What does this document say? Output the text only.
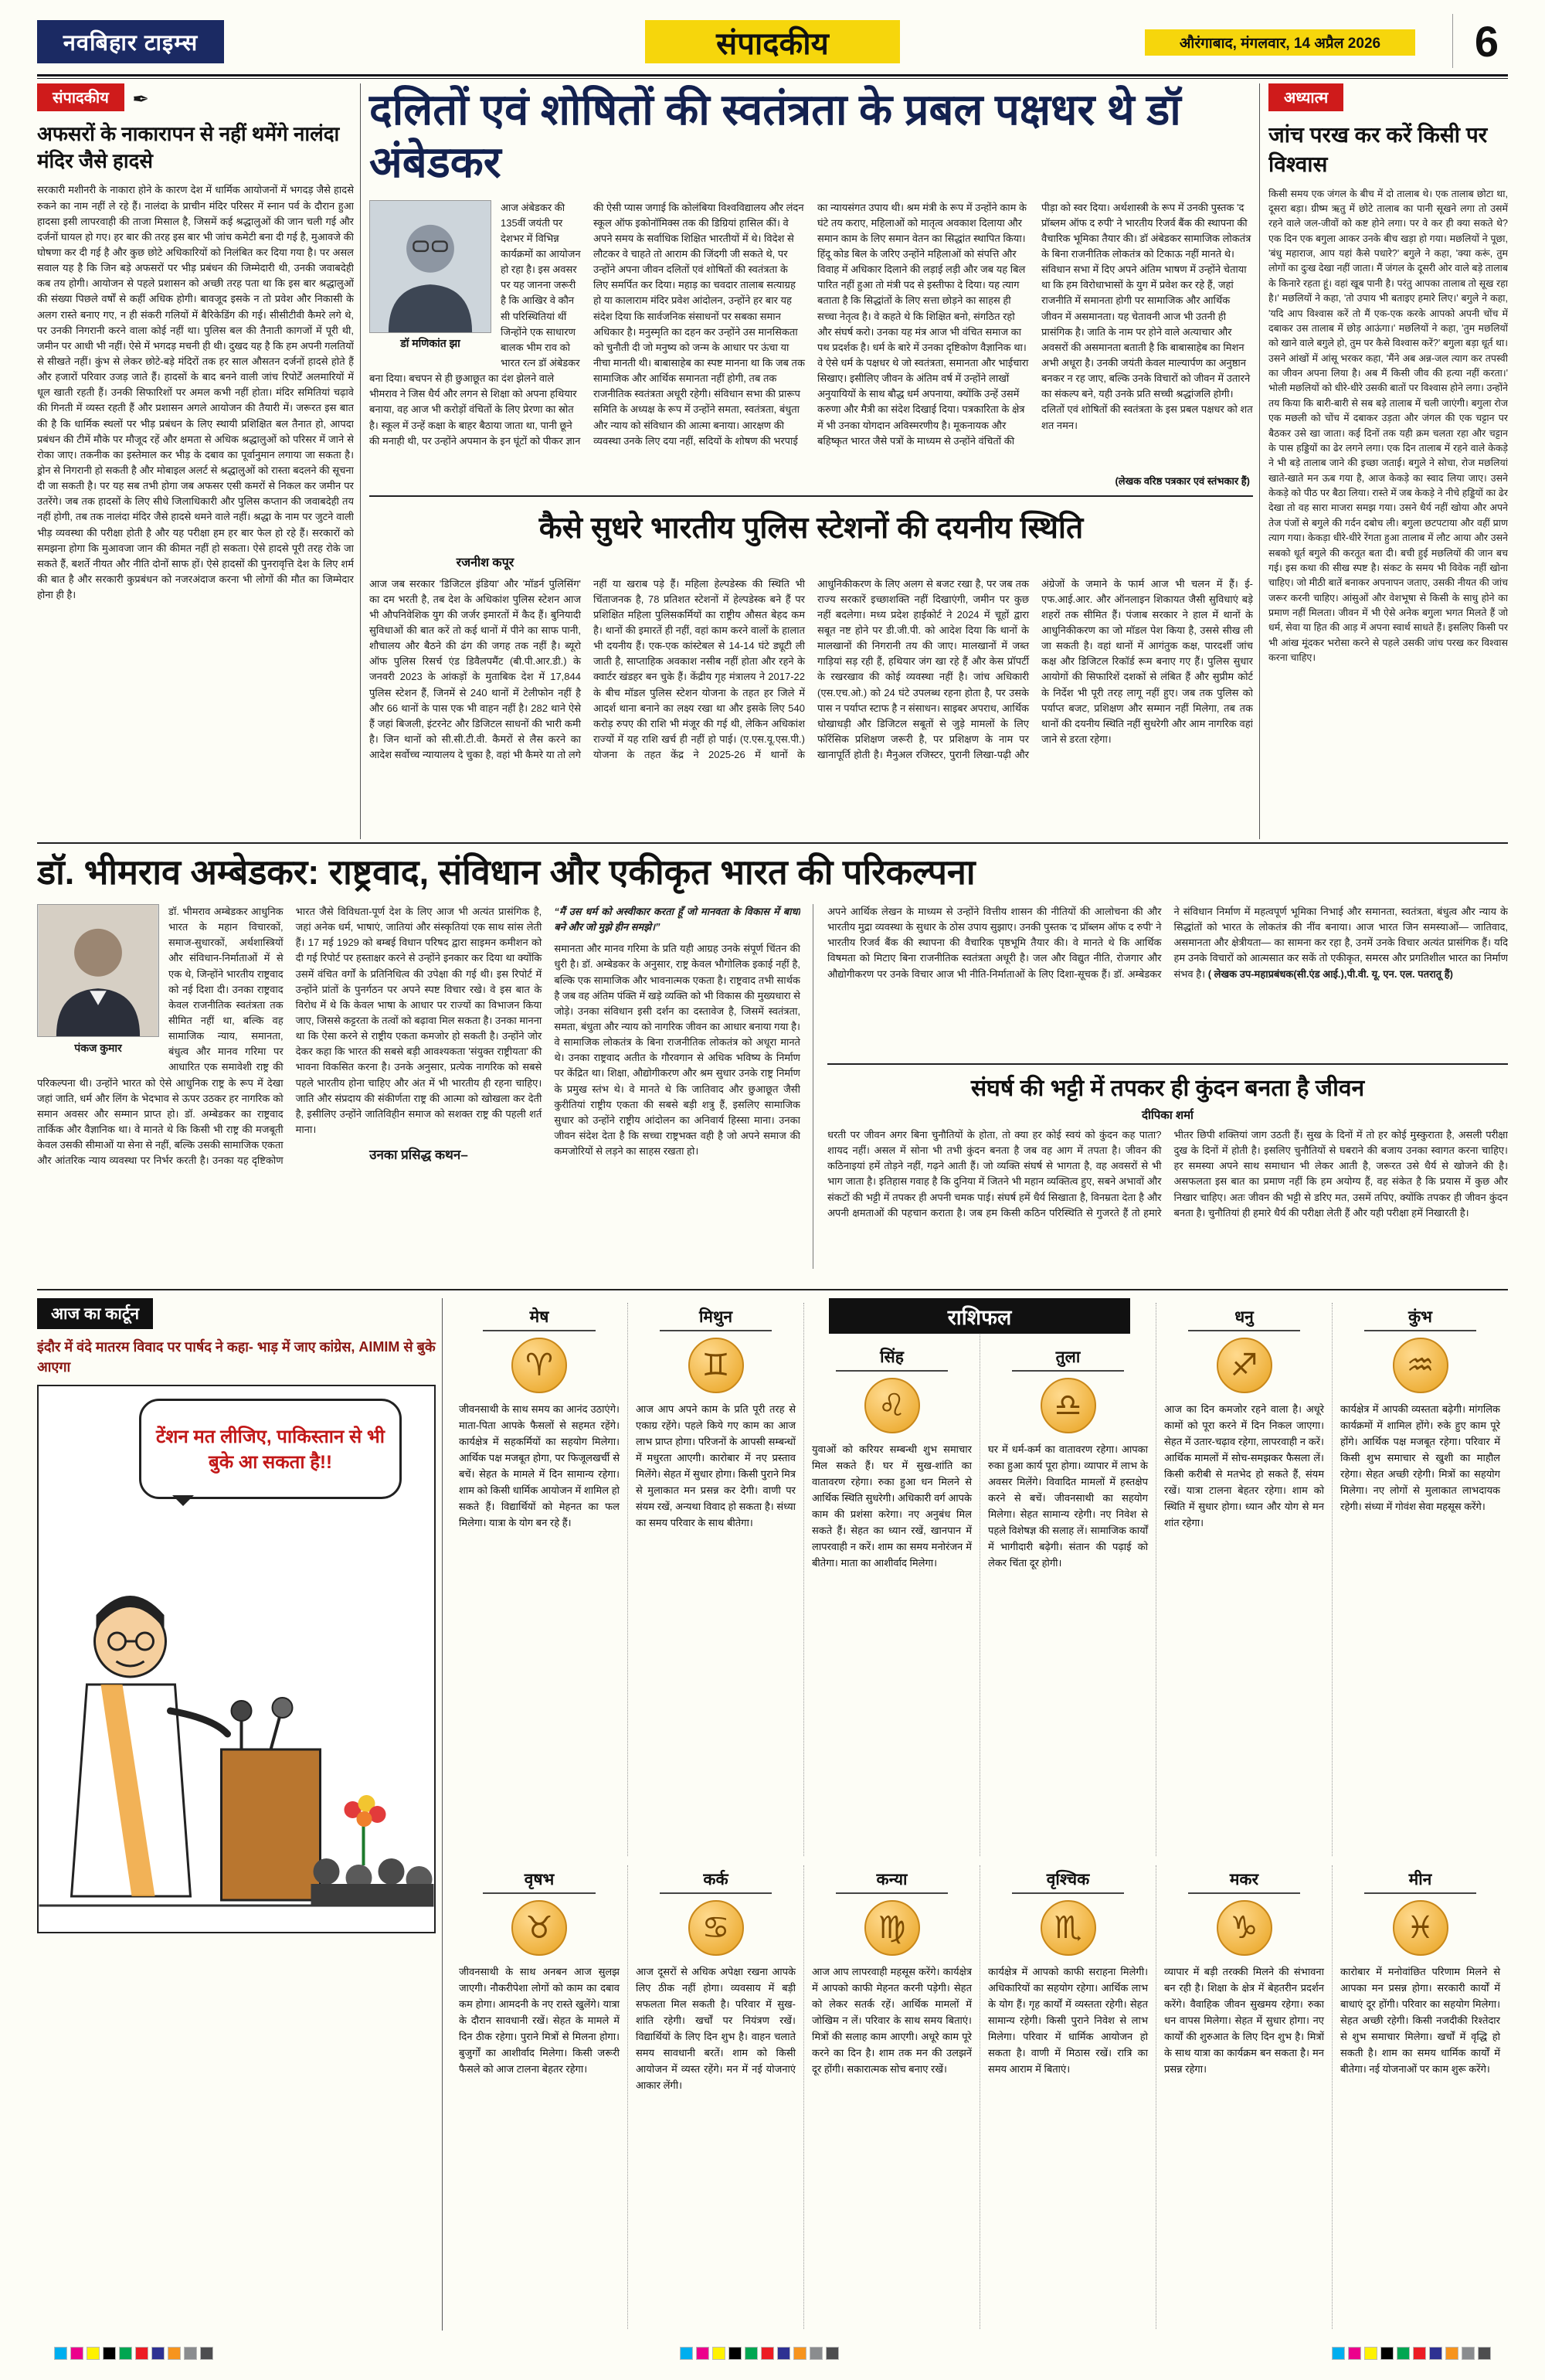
नवबिहार टाइम्स	संपादकीय	औरंगाबाद, मंगलवार, 14 अप्रैल 2026	6
संपादकीय ✒
अफसरों के नाकारापन से नहीं थमेंगे नालंदा मंदिर जैसे हादसे
सरकारी मशीनरी के नाकारा होने के कारण देश में धार्मिक आयोजनों में भगदड़ जैसे हादसे रुकने का नाम नहीं ले रहे हैं। नालंदा के प्राचीन मंदिर परिसर में स्नान पर्व के दौरान हुआ हादसा इसी लापरवाही की ताजा मिसाल है, जिसमें कई श्रद्धालुओं की जान चली गई और दर्जनों घायल हो गए। हर बार की तरह इस बार भी जांच कमेटी बना दी गई है, मुआवजे की घोषणा कर दी गई है और कुछ छोटे अधिकारियों को निलंबित कर दिया गया है। पर असल सवाल यह है कि जिन बड़े अफसरों पर भीड़ प्रबंधन की जिम्मेदारी थी, उनकी जवाबदेही कब तय होगी। आयोजन से पहले प्रशासन को अच्छी तरह पता था कि इस बार श्रद्धालुओं की संख्या पिछले वर्षों से कहीं अधिक होगी। बावजूद इसके न तो प्रवेश और निकासी के अलग रास्ते बनाए गए, न ही संकरी गलियों में बैरिकेडिंग की गई। सीसीटीवी कैमरे लगे थे, पर उनकी निगरानी करने वाला कोई नहीं था। पुलिस बल की तैनाती कागजों में पूरी थी, जमीन पर आधी भी नहीं। ऐसे में भगदड़ मचनी ही थी। दुखद यह है कि हम अपनी गलतियों से सीखते नहीं। कुंभ से लेकर छोटे-बड़े मंदिरों तक हर साल औसतन दर्जनों हादसे होते हैं और हजारों परिवार उजड़ जाते हैं। हादसों के बाद बनने वाली जांच रिपोर्टें अलमारियों में धूल खाती रहती हैं। उनकी सिफारिशों पर अमल कभी नहीं होता। मंदिर समितियां चढ़ावे की गिनती में व्यस्त रहती हैं और प्रशासन अगले आयोजन की तैयारी में। जरूरत इस बात की है कि धार्मिक स्थलों पर भीड़ प्रबंधन के लिए स्थायी प्रशिक्षित बल तैनात हो, आपदा प्रबंधन की टीमें मौके पर मौजूद रहें और क्षमता से अधिक श्रद्धालुओं को परिसर में जाने से रोका जाए। तकनीक का इस्तेमाल कर भीड़ के दबाव का पूर्वानुमान लगाया जा सकता है। ड्रोन से निगरानी हो सकती है और मोबाइल अलर्ट से श्रद्धालुओं को रास्ता बदलने की सूचना दी जा सकती है। पर यह सब तभी होगा जब अफसर एसी कमरों से निकल कर जमीन पर उतरेंगे। जब तक हादसों के लिए सीधे जिलाधिकारी और पुलिस कप्तान की जवाबदेही तय नहीं होगी, तब तक नालंदा मंदिर जैसे हादसे थमने वाले नहीं। श्रद्धा के नाम पर जुटने वाली भीड़ व्यवस्था की परीक्षा होती है और यह परीक्षा हम हर बार फेल हो रहे हैं। सरकारों को समझना होगा कि मुआवजा जान की कीमत नहीं हो सकता। ऐसे हादसे पूरी तरह रोके जा सकते हैं, बशर्ते नीयत और नीति दोनों साफ हों। ऐसे हादसों की पुनरावृत्ति देश के लिए शर्म की बात है और सरकारी कुप्रबंधन को नजरअंदाज करना भी लोगों की मौत का जिम्मेदार होना ही है।
दलितों एवं शोषितों की स्वतंत्रता के प्रबल पक्षधर थे डॉ अंबेडकर
डॉ मणिकांत झा
आज अंबेडकर की 135वीं जयंती पर देशभर में विभिन्न कार्यक्रमों का आयोजन हो रहा है। इस अवसर पर यह जानना जरूरी है कि आखिर वे कौन सी परिस्थितियां थीं जिन्होंने एक साधारण बालक भीम राव को भारत रत्न डॉ अंबेडकर बना दिया। बचपन से ही छुआछूत का दंश झेलने वाले भीमराव ने जिस धैर्य और लगन से शिक्षा को अपना हथियार बनाया, वह आज भी करोड़ों वंचितों के लिए प्रेरणा का स्रोत है। स्कूल में उन्हें कक्षा के बाहर बैठाया जाता था, पानी छूने की मनाही थी, पर उन्होंने अपमान के इन घूंटों को पीकर ज्ञान की ऐसी प्यास जगाई कि कोलंबिया विश्वविद्यालय और लंदन स्कूल ऑफ इकोनॉमिक्स तक की डिग्रियां हासिल कीं। वे अपने समय के सर्वाधिक शिक्षित भारतीयों में थे। विदेश से लौटकर वे चाहते तो आराम की जिंदगी जी सकते थे, पर उन्होंने अपना जीवन दलितों एवं शोषितों की स्वतंत्रता के लिए समर्पित कर दिया। महाड़ का चवदार तालाब सत्याग्रह हो या कालाराम मंदिर प्रवेश आंदोलन, उन्होंने हर बार यह संदेश दिया कि सार्वजनिक संसाधनों पर सबका समान अधिकार है। मनुस्मृति का दहन कर उन्होंने उस मानसिकता को चुनौती दी जो मनुष्य को जन्म के आधार पर ऊंचा या नीचा मानती थी। बाबासाहेब का स्पष्ट मानना था कि जब तक सामाजिक और आर्थिक समानता नहीं होगी, तब तक राजनीतिक स्वतंत्रता अधूरी रहेगी। संविधान सभा की प्रारूप समिति के अध्यक्ष के रूप में उन्होंने समता, स्वतंत्रता, बंधुता और न्याय को संविधान की आत्मा बनाया। आरक्षण की व्यवस्था उनके लिए दया नहीं, सदियों के शोषण की भरपाई का न्यायसंगत उपाय थी। श्रम मंत्री के रूप में उन्होंने काम के घंटे तय कराए, महिलाओं को मातृत्व अवकाश दिलाया और समान काम के लिए समान वेतन का सिद्धांत स्थापित किया। हिंदू कोड बिल के जरिए उन्होंने महिलाओं को संपत्ति और विवाह में अधिकार दिलाने की लड़ाई लड़ी और जब यह बिल पारित नहीं हुआ तो मंत्री पद से इस्तीफा दे दिया। यह त्याग बताता है कि सिद्धांतों के लिए सत्ता छोड़ने का साहस ही सच्चा नेतृत्व है। वे कहते थे कि शिक्षित बनो, संगठित रहो और संघर्ष करो। उनका यह मंत्र आज भी वंचित समाज का पथ प्रदर्शक है। धर्म के बारे में उनका दृष्टिकोण वैज्ञानिक था। वे ऐसे धर्म के पक्षधर थे जो स्वतंत्रता, समानता और भाईचारा सिखाए। इसीलिए जीवन के अंतिम वर्ष में उन्होंने लाखों अनुयायियों के साथ बौद्ध धर्म अपनाया, क्योंकि उन्हें उसमें करुणा और मैत्री का संदेश दिखाई दिया। पत्रकारिता के क्षेत्र में भी उनका योगदान अविस्मरणीय है। मूकनायक और बहिष्कृत भारत जैसे पत्रों के माध्यम से उन्होंने वंचितों की पीड़ा को स्वर दिया। अर्थशास्त्री के रूप में उनकी पुस्तक 'द प्रॉब्लम ऑफ द रुपी' ने भारतीय रिजर्व बैंक की स्थापना की वैचारिक भूमिका तैयार की। डॉ अंबेडकर सामाजिक लोकतंत्र के बिना राजनीतिक लोकतंत्र को टिकाऊ नहीं मानते थे। संविधान सभा में दिए अपने अंतिम भाषण में उन्होंने चेताया था कि हम विरोधाभासों के युग में प्रवेश कर रहे हैं, जहां राजनीति में समानता होगी पर सामाजिक और आर्थिक जीवन में असमानता। यह चेतावनी आज भी उतनी ही प्रासंगिक है। जाति के नाम पर होने वाले अत्याचार और अवसरों की असमानता बताती है कि बाबासाहेब का मिशन अभी अधूरा है। उनकी जयंती केवल माल्यार्पण का अनुष्ठान बनकर न रह जाए, बल्कि उनके विचारों को जीवन में उतारने का संकल्प बने, यही उनके प्रति सच्ची श्रद्धांजलि होगी। दलितों एवं शोषितों की स्वतंत्रता के इस प्रबल पक्षधर को शत शत नमन।
(लेखक वरिष्ठ पत्रकार एवं स्तंभकार हैं)
कैसे सुधरे भारतीय पुलिस स्टेशनों की दयनीय स्थिति
रजनीश कपूर
आज जब सरकार 'डिजिटल इंडिया' और 'मॉडर्न पुलिसिंग' का दम भरती है, तब देश के अधिकांश पुलिस स्टेशन आज भी औपनिवेशिक युग की जर्जर इमारतों में कैद हैं। बुनियादी सुविधाओं की बात करें तो कई थानों में पीने का साफ पानी, शौचालय और बैठने की ढंग की जगह तक नहीं है। ब्यूरो ऑफ पुलिस रिसर्च एंड डिवैलपमैंट (बी.पी.आर.डी.) के जनवरी 2023 के आंकड़ों के मुताबिक देश में 17,844 पुलिस स्टेशन हैं, जिनमें से 240 थानों में टेलीफोन नहीं है और 66 थानों के पास एक भी वाहन नहीं है। 282 थाने ऐसे हैं जहां बिजली, इंटरनेट और डिजिटल साधनों की भारी कमी है। जिन थानों को सी.सी.टी.वी. कैमरों से लैस करने का आदेश सर्वोच्च न्यायालय दे चुका है, वहां भी कैमरे या तो लगे नहीं या खराब पड़े हैं। महिला हेल्पडेस्क की स्थिति भी चिंताजनक है, 78 प्रतिशत स्टेशनों में हेल्पडेस्क बने हैं पर प्रशिक्षित महिला पुलिसकर्मियों का राष्ट्रीय औसत बेहद कम है। थानों की इमारतें ही नहीं, वहां काम करने वालों के हालात भी दयनीय हैं। एक-एक कांस्टेबल से 14-14 घंटे ड्यूटी ली जाती है, साप्ताहिक अवकाश नसीब नहीं होता और रहने के क्वार्टर खंडहर बन चुके हैं। केंद्रीय गृह मंत्रालय ने 2017-22 के बीच मॉडल पुलिस स्टेशन योजना के तहत हर जिले में आदर्श थाना बनाने का लक्ष्य रखा था और इसके लिए 540 करोड़ रुपए की राशि भी मंजूर की गई थी, लेकिन अधिकांश राज्यों में यह राशि खर्च ही नहीं हो पाई। (ए.एस.यू.एस.पी.) योजना के तहत केंद्र ने 2025-26 में थानों के आधुनिकीकरण के लिए अलग से बजट रखा है, पर जब तक राज्य सरकारें इच्छाशक्ति नहीं दिखाएंगी, जमीन पर कुछ नहीं बदलेगा। मध्य प्रदेश हाईकोर्ट ने 2024 में चूहों द्वारा सबूत नष्ट होने पर डी.जी.पी. को आदेश दिया कि थानों के मालखानों की निगरानी तय की जाए। मालखानों में जब्त गाड़ियां सड़ रही हैं, हथियार जंग खा रहे हैं और केस प्रॉपर्टी के रखरखाव की कोई व्यवस्था नहीं है। जांच अधिकारी (एस.एच.ओ.) को 24 घंटे उपलब्ध रहना होता है, पर उसके पास न पर्याप्त स्टाफ है न संसाधन। साइबर अपराध, आर्थिक धोखाधड़ी और डिजिटल सबूतों से जुड़े मामलों के लिए फॉरेंसिक प्रशिक्षण जरूरी है, पर प्रशिक्षण के नाम पर खानापूर्ति होती है। मैनुअल रजिस्टर, पुरानी लिखा-पढ़ी और अंग्रेजों के जमाने के फार्म आज भी चलन में हैं। ई-एफ.आई.आर. और ऑनलाइन शिकायत जैसी सुविधाएं बड़े शहरों तक सीमित हैं। पंजाब सरकार ने हाल में थानों के आधुनिकीकरण का जो मॉडल पेश किया है, उससे सीख ली जा सकती है। वहां थानों में आगंतुक कक्ष, पारदर्शी जांच कक्ष और डिजिटल रिकॉर्ड रूम बनाए गए हैं। पुलिस सुधार आयोगों की सिफारिशें दशकों से लंबित हैं और सुप्रीम कोर्ट के निर्देश भी पूरी तरह लागू नहीं हुए। जब तक पुलिस को पर्याप्त बजट, प्रशिक्षण और सम्मान नहीं मिलेगा, तब तक थानों की दयनीय स्थिति नहीं सुधरेगी और आम नागरिक वहां जाने से डरता रहेगा।
अध्यात्म
जांच परख कर करें किसी पर विश्वास
किसी समय एक जंगल के बीच में दो तालाब थे। एक तालाब छोटा था, दूसरा बड़ा। ग्रीष्म ऋतु में छोटे तालाब का पानी सूखने लगा तो उसमें रहने वाले जल-जीवों को कष्ट होने लगा। पर वे कर ही क्या सकते थे? एक दिन एक बगुला आकर उनके बीच खड़ा हो गया। मछलियों ने पूछा, 'बंधु महाराज, आप यहां कैसे पधारे?' बगुले ने कहा, 'क्या करूं, तुम लोगों का दुःख देखा नहीं जाता। मैं जंगल के दूसरी ओर वाले बड़े तालाब के किनारे रहता हूं। वहां खूब पानी है। परंतु आपका तालाब तो सूख रहा है।' मछलियों ने कहा, 'तो उपाय भी बताइए हमारे लिए।' बगुले ने कहा, 'यदि आप विश्वास करें तो मैं एक-एक करके आपको अपनी चोंच में दबाकर उस तालाब में छोड़ आऊंगा।' मछलियों ने कहा, 'तुम मछलियों को खाने वाले बगुले हो, तुम पर कैसे विश्वास करें?' बगुला बड़ा धूर्त था। उसने आंखों में आंसू भरकर कहा, 'मैंने अब अन्न-जल त्याग कर तपस्वी का जीवन अपना लिया है। अब मैं किसी जीव की हत्या नहीं करता।' भोली मछलियों को धीरे-धीरे उसकी बातों पर विश्वास होने लगा। उन्होंने तय किया कि बारी-बारी से सब बड़े तालाब में चली जाएंगी। बगुला रोज एक मछली को चोंच में दबाकर उड़ता और जंगल की एक चट्टान पर बैठकर उसे खा जाता। कई दिनों तक यही क्रम चलता रहा और चट्टान के पास हड्डियों का ढेर लगने लगा। एक दिन तालाब में रहने वाले केकड़े ने भी बड़े तालाब जाने की इच्छा जताई। बगुले ने सोचा, रोज मछलियां खाते-खाते मन ऊब गया है, आज केकड़े का स्वाद लिया जाए। उसने केकड़े को पीठ पर बैठा लिया। रास्ते में जब केकड़े ने नीचे हड्डियों का ढेर देखा तो वह सारा माजरा समझ गया। उसने धैर्य नहीं खोया और अपने तेज पंजों से बगुले की गर्दन दबोच ली। बगुला छटपटाया और वहीं प्राण त्याग गया। केकड़ा धीरे-धीरे रेंगता हुआ तालाब में लौट आया और उसने सबको धूर्त बगुले की करतूत बता दी। बची हुई मछलियों की जान बच गई। इस कथा की सीख स्पष्ट है। संकट के समय भी विवेक नहीं खोना चाहिए। जो मीठी बातें बनाकर अपनापन जताए, उसकी नीयत की जांच जरूर करनी चाहिए। आंसुओं और वेशभूषा से किसी के साधु होने का प्रमाण नहीं मिलता। जीवन में भी ऐसे अनेक बगुला भगत मिलते हैं जो धर्म, सेवा या हित की आड़ में अपना स्वार्थ साधते हैं। इसलिए किसी पर भी आंख मूंदकर भरोसा करने से पहले उसकी जांच परख कर विश्वास करना चाहिए।
डॉ. भीमराव अम्बेडकर: राष्ट्रवाद, संविधान और एकीकृत भारत की परिकल्पना
पंकज कुमार
डॉ. भीमराव अम्बेडकर आधुनिक भारत के महान विचारकों, समाज-सुधारकों, अर्थशास्त्रियों और संविधान-निर्माताओं में से एक थे, जिन्होंने भारतीय राष्ट्रवाद को नई दिशा दी। उनका राष्ट्रवाद केवल राजनीतिक स्वतंत्रता तक सीमित नहीं था, बल्कि वह सामाजिक न्याय, समानता, बंधुत्व और मानव गरिमा पर आधारित एक समावेशी राष्ट्र की परिकल्पना थी। उन्होंने भारत को ऐसे आधुनिक राष्ट्र के रूप में देखा जहां जाति, धर्म और लिंग के भेदभाव से ऊपर उठकर हर नागरिक को समान अवसर और सम्मान प्राप्त हो। डॉ. अम्बेडकर का राष्ट्रवाद तार्किक और वैज्ञानिक था। वे मानते थे कि किसी भी राष्ट्र की मजबूती केवल उसकी सीमाओं या सेना से नहीं, बल्कि उसकी सामाजिक एकता और आंतरिक न्याय व्यवस्था पर निर्भर करती है। उनका यह दृष्टिकोण भारत जैसे विविधता-पूर्ण देश के लिए आज भी अत्यंत प्रासंगिक है, जहां अनेक धर्म, भाषाएं, जातियां और संस्कृतियां एक साथ सांस लेती हैं। 17 मई 1929 को बम्बई विधान परिषद द्वारा साइमन कमीशन को दी गई रिपोर्ट पर हस्ताक्षर करने से उन्होंने इनकार कर दिया था क्योंकि उसमें वंचित वर्गों के प्रतिनिधित्व की उपेक्षा की गई थी। इस रिपोर्ट में उन्होंने प्रांतों के पुनर्गठन पर अपने स्पष्ट विचार रखे। वे इस बात के विरोध में थे कि केवल भाषा के आधार पर राज्यों का विभाजन किया जाए, जिससे कट्टरता के तत्वों को बढ़ावा मिल सकता है। उनका मानना था कि ऐसा करने से राष्ट्रीय एकता कमजोर हो सकती है। उन्होंने जोर देकर कहा कि भारत की सबसे बड़ी आवश्यकता 'संयुक्त राष्ट्रीयता' की भावना विकसित करना है। उनके अनुसार, प्रत्येक नागरिक को सबसे पहले भारतीय होना चाहिए और अंत में भी भारतीय ही रहना चाहिए। जाति और संप्रदाय की संकीर्णता राष्ट्र की आत्मा को खोखला कर देती है, इसीलिए उन्होंने जातिविहीन समाज को सशक्त राष्ट्र की पहली शर्त माना।
उनका प्रसिद्ध कथन–
“मैं उस धर्म को अस्वीकार करता हूँ जो मानवता के विकास में बाधा बने और जो मुझे हीन समझे।”
समानता और मानव गरिमा के प्रति यही आग्रह उनके संपूर्ण चिंतन की धुरी है। डॉ. अम्बेडकर के अनुसार, राष्ट्र केवल भौगोलिक इकाई नहीं है, बल्कि एक सामाजिक और भावनात्मक एकता है। राष्ट्रवाद तभी सार्थक है जब वह अंतिम पंक्ति में खड़े व्यक्ति को भी विकास की मुख्यधारा से जोड़े। उनका संविधान इसी दर्शन का दस्तावेज है, जिसमें स्वतंत्रता, समता, बंधुता और न्याय को नागरिक जीवन का आधार बनाया गया है। वे सामाजिक लोकतंत्र के बिना राजनीतिक लोकतंत्र को अधूरा मानते थे। उनका राष्ट्रवाद अतीत के गौरवगान से अधिक भविष्य के निर्माण पर केंद्रित था। शिक्षा, औद्योगीकरण और श्रम सुधार उनके राष्ट्र निर्माण के प्रमुख स्तंभ थे। वे मानते थे कि जातिवाद और छुआछूत जैसी कुरीतियां राष्ट्रीय एकता की सबसे बड़ी शत्रु हैं, इसलिए सामाजिक सुधार को उन्होंने राष्ट्रीय आंदोलन का अनिवार्य हिस्सा माना। उनका जीवन संदेश देता है कि सच्चा राष्ट्रभक्त वही है जो अपने समाज की कमजोरियों से लड़ने का साहस रखता हो।
अपने आर्थिक लेखन के माध्यम से उन्होंने वित्तीय शासन की नीतियों की आलोचना की और भारतीय मुद्रा व्यवस्था के सुधार के ठोस उपाय सुझाए। उनकी पुस्तक 'द प्रॉब्लम ऑफ द रुपी' ने भारतीय रिजर्व बैंक की स्थापना की वैचारिक पृष्ठभूमि तैयार की। वे मानते थे कि आर्थिक विषमता को मिटाए बिना राजनीतिक स्वतंत्रता अधूरी है। जल और विद्युत नीति, रोजगार और औद्योगीकरण पर उनके विचार आज भी नीति-निर्माताओं के लिए दिशा-सूचक हैं। डॉ. अम्बेडकर ने संविधान निर्माण में महत्वपूर्ण भूमिका निभाई और समानता, स्वतंत्रता, बंधुत्व और न्याय के सिद्धांतों को भारत के लोकतंत्र की नींव बनाया। आज भारत जिन समस्याओं— जातिवाद, असमानता और क्षेत्रीयता— का सामना कर रहा है, उनमें उनके विचार अत्यंत प्रासंगिक हैं। यदि हम उनके विचारों को आत्मसात कर सकें तो एकीकृत, समरस और प्रगतिशील भारत का निर्माण संभव है। ( लेखक उप-महाप्रबंधक(सी.एंड आई.),पी.वी. यू. एन. एल. पतरातू हैं)
संघर्ष की भट्टी में तपकर ही कुंदन बनता है जीवन
दीपिका शर्मा
धरती पर जीवन अगर बिना चुनौतियों के होता, तो क्या हर कोई स्वयं को कुंदन कह पाता? शायद नहीं। असल में सोना भी तभी कुंदन बनता है जब वह आग में तपता है। जीवन की कठिनाइयां हमें तोड़ने नहीं, गढ़ने आती हैं। जो व्यक्ति संघर्ष से भागता है, वह अवसरों से भी भाग जाता है। इतिहास गवाह है कि दुनिया में जितने भी महान व्यक्तित्व हुए, सबने अभावों और संकटों की भट्टी में तपकर ही अपनी चमक पाई। संघर्ष हमें धैर्य सिखाता है, विनम्रता देता है और अपनी क्षमताओं की पहचान कराता है। जब हम किसी कठिन परिस्थिति से गुजरते हैं तो हमारे भीतर छिपी शक्तियां जाग उठती हैं। सुख के दिनों में तो हर कोई मुस्कुराता है, असली परीक्षा दुख के दिनों में होती है। इसलिए चुनौतियों से घबराने की बजाय उनका स्वागत करना चाहिए। हर समस्या अपने साथ समाधान भी लेकर आती है, जरूरत उसे धैर्य से खोजने की है। असफलता इस बात का प्रमाण नहीं कि हम अयोग्य हैं, वह संकेत है कि प्रयास में कुछ और निखार चाहिए। अतः जीवन की भट्टी से डरिए मत, उसमें तपिए, क्योंकि तपकर ही जीवन कुंदन बनता है। चुनौतियां ही हमारे धैर्य की परीक्षा लेती हैं और यही परीक्षा हमें निखारती है।
आज का कार्टून
इंदौर में वंदे मातरम विवाद पर पार्षद ने कहा- भाड़ में जाए कांग्रेस, AIMIM से बुके आएगा
टेंशन मत लीजिए, पाकिस्तान से भी बुके आ सकता है!!
राशिफल
मेष
♈
जीवनसाथी के साथ समय का आनंद उठाएंगे। माता-पिता आपके फैसलों से सहमत रहेंगे। कार्यक्षेत्र में सहकर्मियों का सहयोग मिलेगा। आर्थिक पक्ष मजबूत होगा, पर फिजूलखर्ची से बचें। सेहत के मामले में दिन सामान्य रहेगा। शाम को किसी धार्मिक आयोजन में शामिल हो सकते हैं। विद्यार्थियों को मेहनत का फल मिलेगा। यात्रा के योग बन रहे हैं।
मिथुन
♊
आज आप अपने काम के प्रति पूरी तरह से एकाग्र रहेंगे। पहले किये गए काम का आज लाभ प्राप्त होगा। परिजनों के आपसी सम्बन्धों में मधुरता आएगी। कारोबार में नए प्रस्ताव मिलेंगे। सेहत में सुधार होगा। किसी पुराने मित्र से मुलाकात मन प्रसन्न कर देगी। वाणी पर संयम रखें, अन्यथा विवाद हो सकता है। संध्या का समय परिवार के साथ बीतेगा।
सिंह
♌
युवाओं को करियर सम्बन्धी शुभ समाचार मिल सकते हैं। घर में सुख-शांति का वातावरण रहेगा। रुका हुआ धन मिलने से आर्थिक स्थिति सुधरेगी। अधिकारी वर्ग आपके काम की प्रशंसा करेगा। नए अनुबंध मिल सकते हैं। सेहत का ध्यान रखें, खानपान में लापरवाही न करें। शाम का समय मनोरंजन में बीतेगा। माता का आशीर्वाद मिलेगा।
तुला
♎
घर में धर्म-कर्म का वातावरण रहेगा। आपका रुका हुआ कार्य पूरा होगा। व्यापार में लाभ के अवसर मिलेंगे। विवादित मामलों में हस्तक्षेप करने से बचें। जीवनसाथी का सहयोग मिलेगा। सेहत सामान्य रहेगी। नए निवेश से पहले विशेषज्ञ की सलाह लें। सामाजिक कार्यों में भागीदारी बढ़ेगी। संतान की पढ़ाई को लेकर चिंता दूर होगी।
धनु
♐
आज का दिन कमजोर रहने वाला है। अधूरे कामों को पूरा करने में दिन निकल जाएगा। सेहत में उतार-चढ़ाव रहेगा, लापरवाही न करें। आर्थिक मामलों में सोच-समझकर फैसला लें। किसी करीबी से मतभेद हो सकते हैं, संयम रखें। यात्रा टालना बेहतर रहेगा। शाम को स्थिति में सुधार होगा। ध्यान और योग से मन शांत रहेगा।
कुंभ
♒
कार्यक्षेत्र में आपकी व्यस्तता बढ़ेगी। मांगलिक कार्यक्रमों में शामिल होंगे। रुके हुए काम पूरे होंगे। आर्थिक पक्ष मजबूत रहेगा। परिवार में किसी शुभ समाचार से खुशी का माहौल रहेगा। सेहत अच्छी रहेगी। मित्रों का सहयोग मिलेगा। नए लोगों से मुलाकात लाभदायक रहेगी। संध्या में गोवंश सेवा महसूस करेंगे।
वृषभ
♉
जीवनसाथी के साथ अनबन आज सुलझ जाएगी। नौकरीपेशा लोगों को काम का दबाव कम होगा। आमदनी के नए रास्ते खुलेंगे। यात्रा के दौरान सावधानी रखें। सेहत के मामले में दिन ठीक रहेगा। पुराने मित्रों से मिलना होगा। बुजुर्गों का आशीर्वाद मिलेगा। किसी जरूरी फैसले को आज टालना बेहतर रहेगा।
कर्क
♋
आज दूसरों से अधिक अपेक्षा रखना आपके लिए ठीक नहीं होगा। व्यवसाय में बड़ी सफलता मिल सकती है। परिवार में सुख-शांति रहेगी। खर्चों पर नियंत्रण रखें। विद्यार्थियों के लिए दिन शुभ है। वाहन चलाते समय सावधानी बरतें। शाम को किसी आयोजन में व्यस्त रहेंगे। मन में नई योजनाएं आकार लेंगी।
कन्या
♍
आज आप लापरवाही महसूस करेंगे। कार्यक्षेत्र में आपको काफी मेहनत करनी पड़ेगी। सेहत को लेकर सतर्क रहें। आर्थिक मामलों में जोखिम न लें। परिवार के साथ समय बिताएं। मित्रों की सलाह काम आएगी। अधूरे काम पूरे करने का दिन है। शाम तक मन की उलझनें दूर होंगी। सकारात्मक सोच बनाए रखें।
वृश्चिक
♏
कार्यक्षेत्र में आपको काफी सराहना मिलेगी। अधिकारियों का सहयोग रहेगा। आर्थिक लाभ के योग हैं। गृह कार्यों में व्यस्तता रहेगी। सेहत सामान्य रहेगी। किसी पुराने निवेश से लाभ मिलेगा। परिवार में धार्मिक आयोजन हो सकता है। वाणी में मिठास रखें। रात्रि का समय आराम में बिताएं।
मकर
♑
व्यापार में बड़ी तरक्की मिलने की संभावना बन रही है। शिक्षा के क्षेत्र में बेहतरीन प्रदर्शन करेंगे। वैवाहिक जीवन सुखमय रहेगा। रुका धन वापस मिलेगा। सेहत में सुधार होगा। नए कार्यों की शुरुआत के लिए दिन शुभ है। मित्रों के साथ यात्रा का कार्यक्रम बन सकता है। मन प्रसन्न रहेगा।
मीन
♓
कारोबार में मनोवांछित परिणाम मिलने से आपका मन प्रसन्न होगा। सरकारी कार्यों में बाधाएं दूर होंगी। परिवार का सहयोग मिलेगा। सेहत अच्छी रहेगी। किसी नजदीकी रिश्तेदार से शुभ समाचार मिलेगा। खर्चों में वृद्धि हो सकती है। शाम का समय धार्मिक कार्यों में बीतेगा। नई योजनाओं पर काम शुरू करेंगे।
